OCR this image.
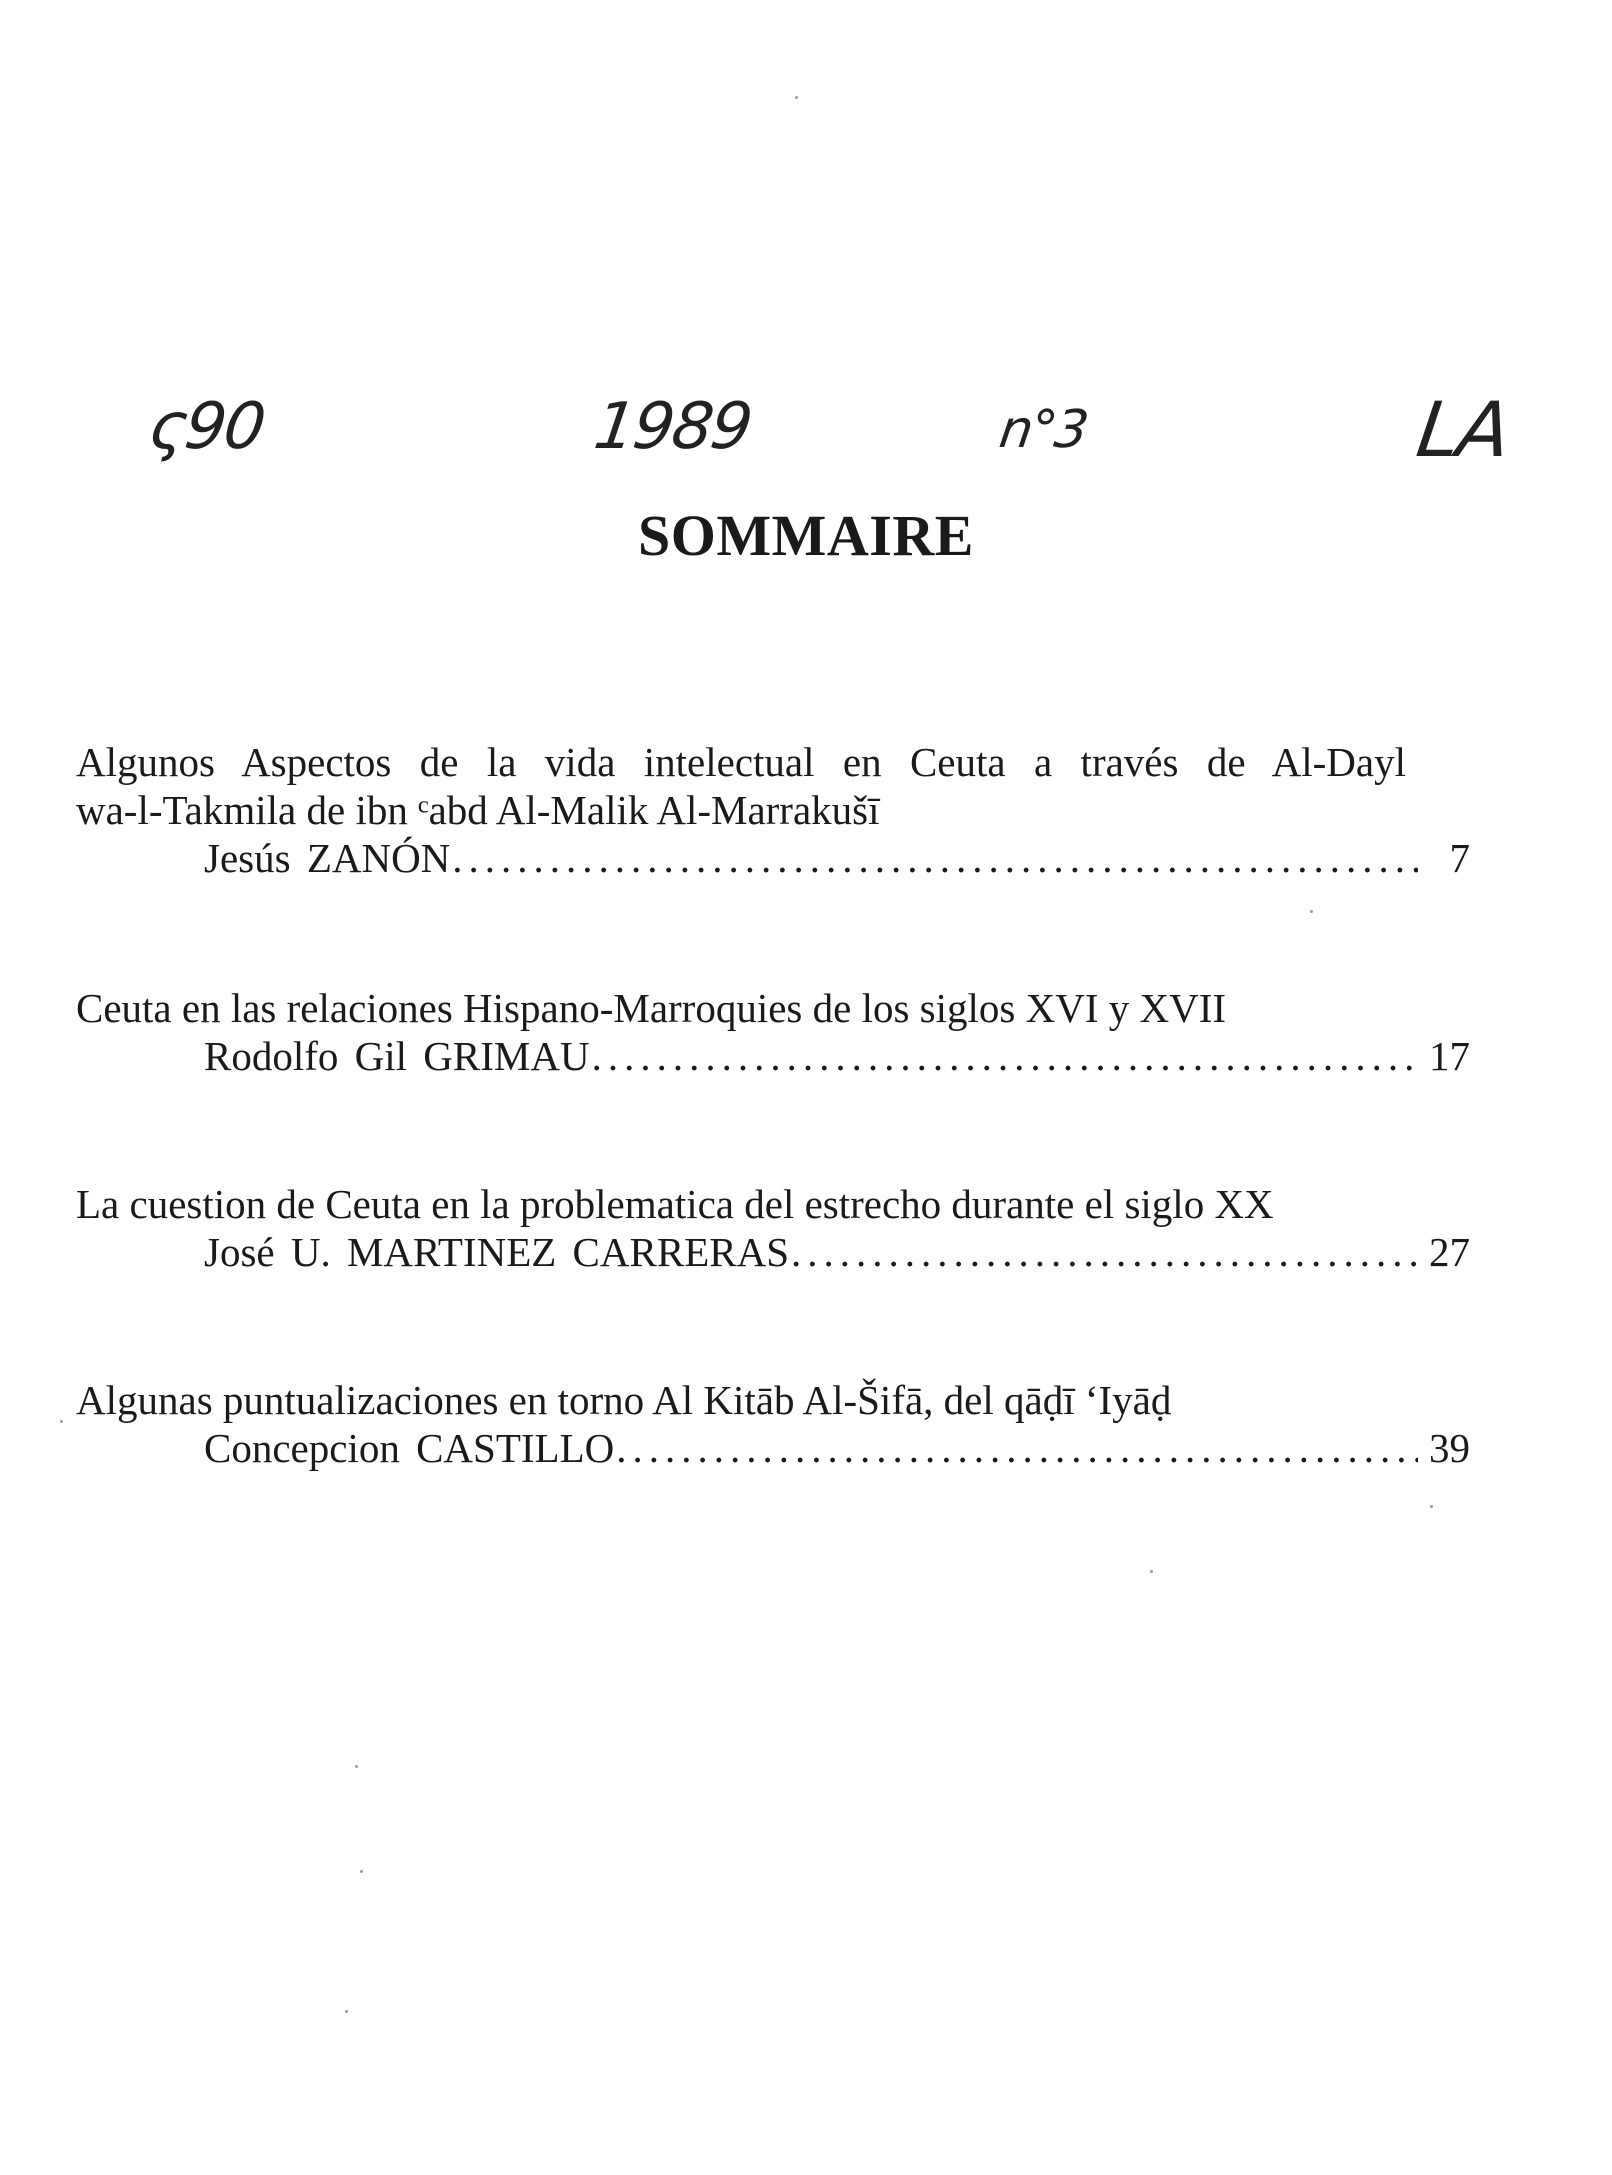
ς90	1989	n°3	LA
SOMMAIRE
Algunos Aspectos de la vida intelectual en Ceuta a través de Al-Dayl
wa-l-Takmila de ibn ᶜabd Al-Malik Al-Marrakušī
Jesús ZANÓN .....	7
Ceuta en las relaciones Hispano-Marroquies de los siglos XVI y XVII
Rodolfo Gil GRIMAU .....	17
La cuestion de Ceuta en la problematica del estrecho durante el siglo XX
José U. MARTINEZ CARRERAS .....	27
Algunas puntualizaciones en torno Al Kitāb Al-Šifā, del qāḍī ʻIyāḍ
Concepcion CASTILLO .....	39
